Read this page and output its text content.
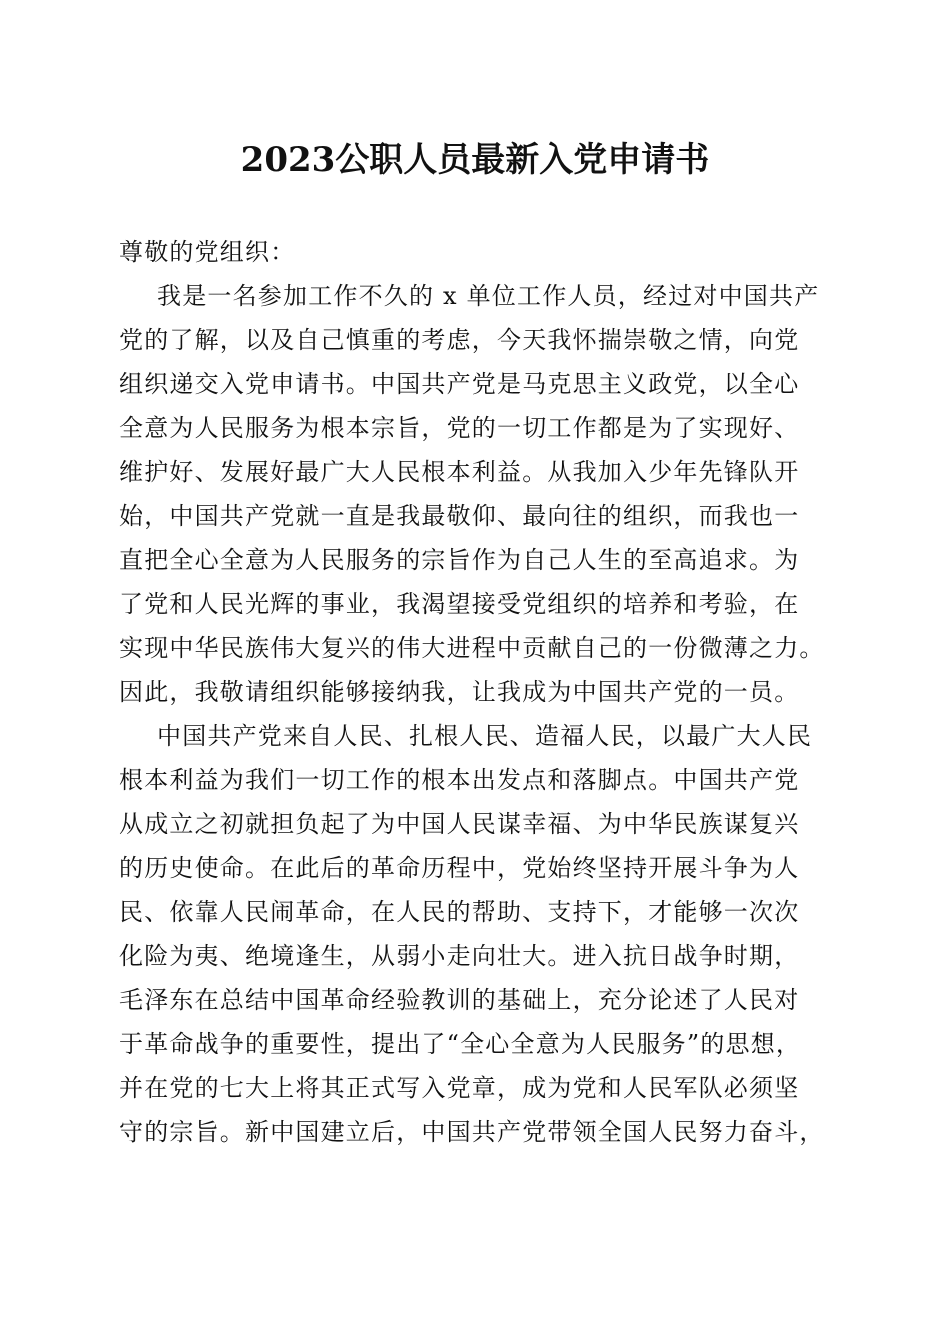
2023公职人员最新入党申请书

尊敬的党组织：

我是一名参加工作不久的 x 单位工作人员，经过对中国共产
党的了解，以及自己慎重的考虑，今天我怀揣崇敬之情，向党
组织递交入党申请书。中国共产党是马克思主义政党，以全心
全意为人民服务为根本宗旨，党的一切工作都是为了实现好、
维护好、发展好最广大人民根本利益。从我加入少年先锋队开
始，中国共产党就一直是我最敬仰、最向往的组织，而我也一
直把全心全意为人民服务的宗旨作为自己人生的至高追求。为
了党和人民光辉的事业，我渴望接受党组织的培养和考验，在
实现中华民族伟大复兴的伟大进程中贡献自己的一份微薄之力。
因此，我敬请组织能够接纳我，让我成为中国共产党的一员。
中国共产党来自人民、扎根人民、造福人民，以最广大人民
根本利益为我们一切工作的根本出发点和落脚点。中国共产党
从成立之初就担负起了为中国人民谋幸福、为中华民族谋复兴
的历史使命。在此后的革命历程中，党始终坚持开展斗争为人
民、依靠人民闹革命，在人民的帮助、支持下，才能够一次次
化险为夷、绝境逢生，从弱小走向壮大。进入抗日战争时期，
毛泽东在总结中国革命经验教训的基础上，充分论述了人民对
于革命战争的重要性，提出了“全心全意为人民服务”的思想，
并在党的七大上将其正式写入党章，成为党和人民军队必须坚
守的宗旨。新中国建立后，中国共产党带领全国人民努力奋斗，
